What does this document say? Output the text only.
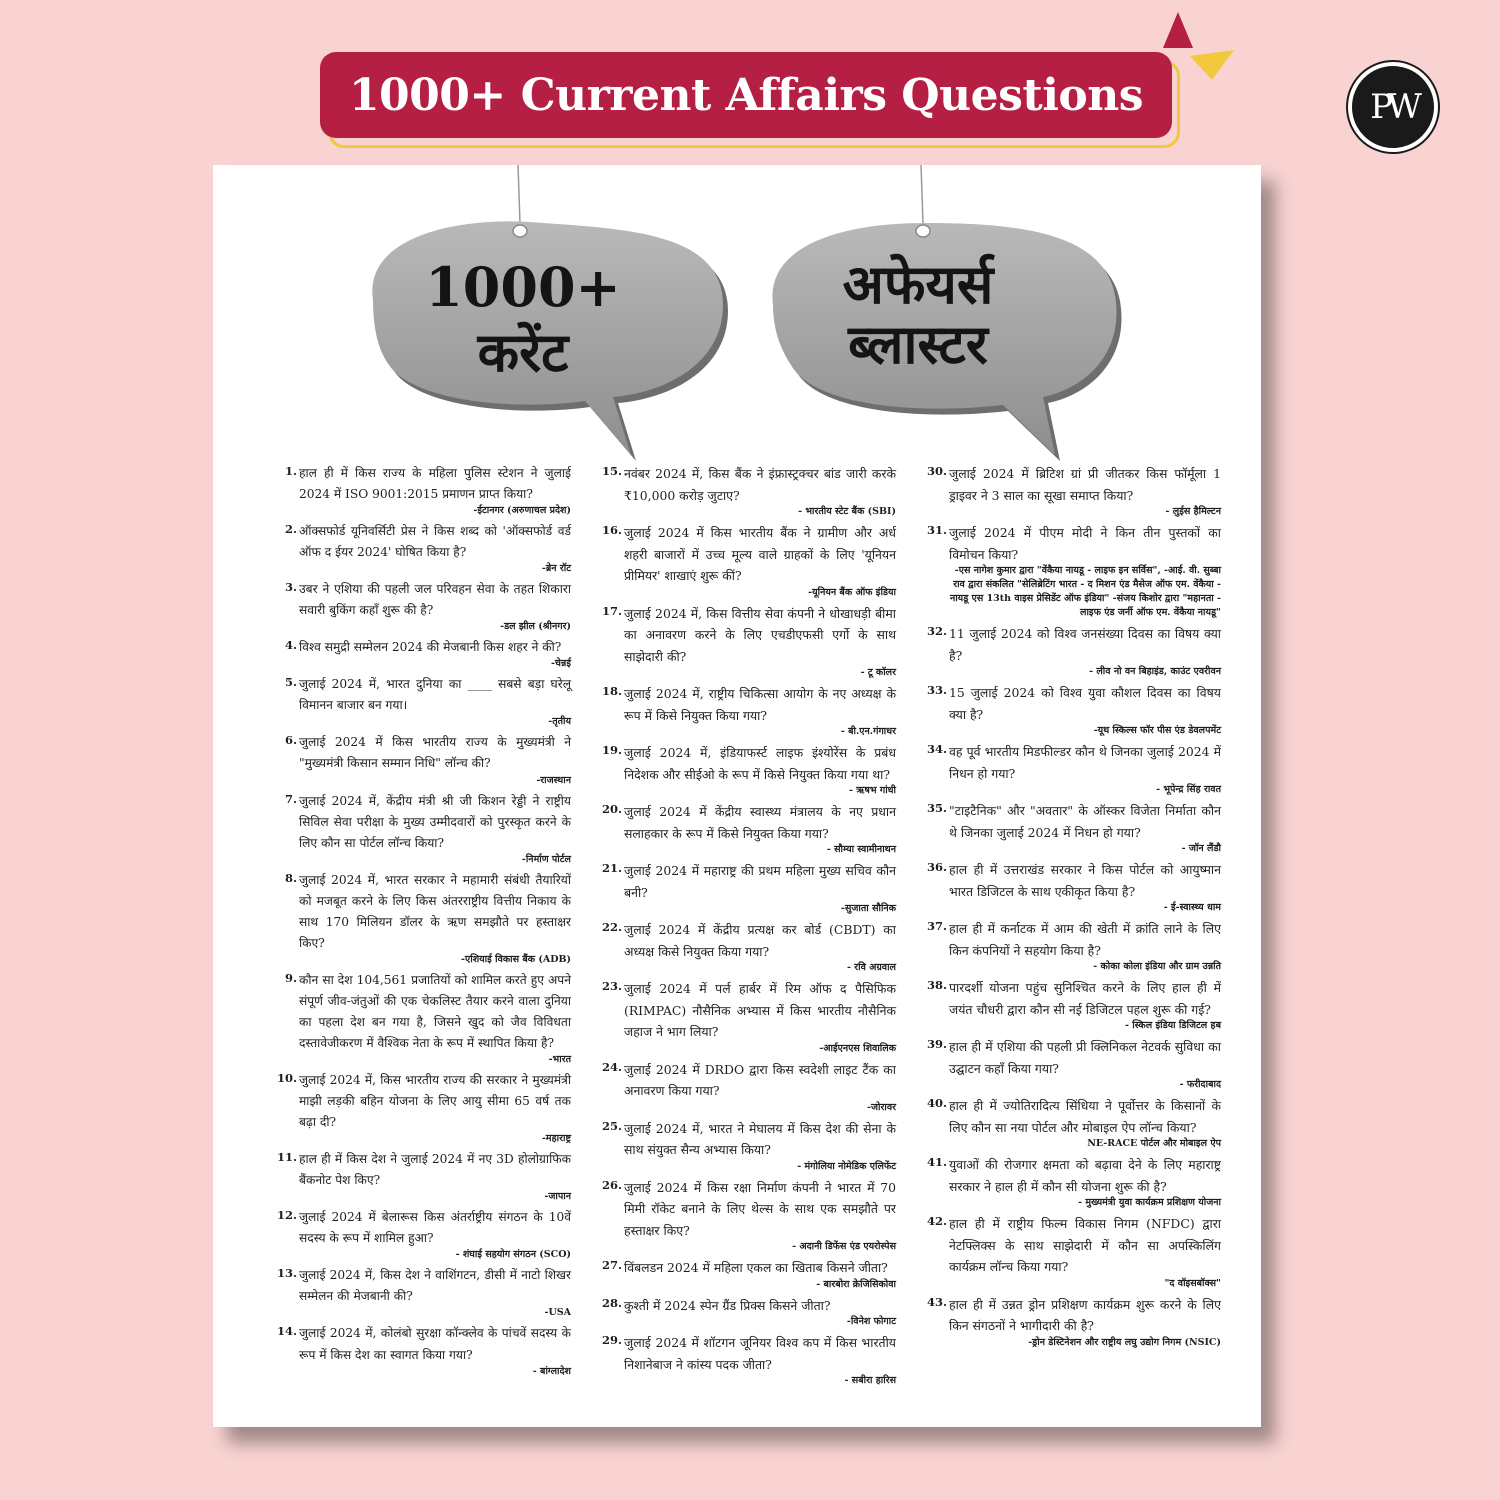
1000+ Current Affairs Questions	PW
1000+
करेंट
अफेयर्स
ब्लास्टर
1. हाल ही में किस राज्य के महिला पुलिस स्टेशन ने जुलाई 2024 में ISO 9001:2015 प्रमाणन प्राप्त किया?
-ईटानगर (अरुणाचल प्रदेश)
2. ऑक्सफोर्ड यूनिवर्सिटी प्रेस ने किस शब्द को 'ऑक्सफोर्ड वर्ड ऑफ द ईयर 2024' घोषित किया है?
-ब्रेन रॉट
3. उबर ने एशिया की पहली जल परिवहन सेवा के तहत शिकारा सवारी बुकिंग कहाँ शुरू की है?
-डल झील (श्रीनगर)
4. विश्व समुद्री सम्मेलन 2024 की मेजबानी किस शहर ने की?
-चेन्नई
5. जुलाई 2024 में, भारत दुनिया का ____ सबसे बड़ा घरेलू विमानन बाजार बन गया।
-तृतीय
6. जुलाई 2024 में किस भारतीय राज्य के मुख्यमंत्री ने "मुख्यमंत्री किसान सम्मान निधि" लॉन्च की?
-राजस्थान
7. जुलाई 2024 में, केंद्रीय मंत्री श्री जी किशन रेड्डी ने राष्ट्रीय सिविल सेवा परीक्षा के मुख्य उम्मीदवारों को पुरस्कृत करने के लिए कौन सा पोर्टल लॉन्च किया?
-निर्माण पोर्टल
8. जुलाई 2024 में, भारत सरकार ने महामारी संबंधी तैयारियों को मजबूत करने के लिए किस अंतरराष्ट्रीय वित्तीय निकाय के साथ 170 मिलियन डॉलर के ऋण समझौते पर हस्ताक्षर किए?
-एशियाई विकास बैंक (ADB)
9. कौन सा देश 104,561 प्रजातियों को शामिल करते हुए अपने संपूर्ण जीव-जंतुओं की एक चेकलिस्ट तैयार करने वाला दुनिया का पहला देश बन गया है, जिसने खुद को जैव विविधता दस्तावेजीकरण में वैश्विक नेता के रूप में स्थापित किया है?
-भारत
10. जुलाई 2024 में, किस भारतीय राज्य की सरकार ने मुख्यमंत्री माझी लड़की बहिन योजना के लिए आयु सीमा 65 वर्ष तक बढ़ा दी?
-महाराष्ट्र
11. हाल ही में किस देश ने जुलाई 2024 में नए 3D होलोग्राफिक बैंकनोट पेश किए?
-जापान
12. जुलाई 2024 में बेलारूस किस अंतर्राष्ट्रीय संगठन के 10वें सदस्य के रूप में शामिल हुआ?
- शंघाई सहयोग संगठन (SCO)
13. जुलाई 2024 में, किस देश ने वाशिंगटन, डीसी में नाटो शिखर सम्मेलन की मेजबानी की?
-USA
14. जुलाई 2024 में, कोलंबो सुरक्षा कॉन्क्लेव के पांचवें सदस्य के रूप में किस देश का स्वागत किया गया?
- बांग्लादेश
15. नवंबर 2024 में, किस बैंक ने इंफ्रास्ट्रक्चर बांड जारी करके ₹10,000 करोड़ जुटाए?
- भारतीय स्टेट बैंक (SBI)
16. जुलाई 2024 में किस भारतीय बैंक ने ग्रामीण और अर्ध शहरी बाजारों में उच्च मूल्य वाले ग्राहकों के लिए 'यूनियन प्रीमियर' शाखाएं शुरू कीं?
-यूनियन बैंक ऑफ इंडिया
17. जुलाई 2024 में, किस वित्तीय सेवा कंपनी ने धोखाधड़ी बीमा का अनावरण करने के लिए एचडीएफसी एर्गो के साथ साझेदारी की?
- टू कॉलर
18. जुलाई 2024 में, राष्ट्रीय चिकित्सा आयोग के नए अध्यक्ष के रूप में किसे नियुक्त किया गया?
- बी.एन.गंगाधर
19. जुलाई 2024 में, इंडियाफर्स्ट लाइफ इंश्योरेंस के प्रबंध निदेशक और सीईओ के रूप में किसे नियुक्त किया गया था?
- ऋषभ गांधी
20. जुलाई 2024 में केंद्रीय स्वास्थ्य मंत्रालय के नए प्रधान सलाहकार के रूप में किसे नियुक्त किया गया?
- सौम्या स्वामीनाथन
21. जुलाई 2024 में महाराष्ट्र की प्रथम महिला मुख्य सचिव कौन बनी?
-सुजाता सौनिक
22. जुलाई 2024 में केंद्रीय प्रत्यक्ष कर बोर्ड (CBDT) का अध्यक्ष किसे नियुक्त किया गया?
- रवि अग्रवाल
23. जुलाई 2024 में पर्ल हार्बर में रिम ऑफ द पैसिफिक (RIMPAC) नौसैनिक अभ्यास में किस भारतीय नौसैनिक जहाज ने भाग लिया?
-आईएनएस शिवालिक
24. जुलाई 2024 में DRDO द्वारा किस स्वदेशी लाइट टैंक का अनावरण किया गया?
-जोरावर
25. जुलाई 2024 में, भारत ने मेघालय में किस देश की सेना के साथ संयुक्त सैन्य अभ्यास किया?
- मंगोलिया नोमेडिक एलिफेंट
26. जुलाई 2024 में किस रक्षा निर्माण कंपनी ने भारत में 70 मिमी रॉकेट बनाने के लिए थेल्स के साथ एक समझौते पर हस्ताक्षर किए?
- अदानी डिफेंस एंड एयरोस्पेस
27. विंबलडन 2024 में महिला एकल का खिताब किसने जीता?
- बारबोरा क्रेजिसिकोवा
28. कुश्ती में 2024 स्पेन ग्रैंड प्रिक्स किसने जीता?
-विनेश फोगाट
29. जुलाई 2024 में शॉटगन जूनियर विश्व कप में किस भारतीय निशानेबाज ने कांस्य पदक जीता?
- सबीरा हारिस
30. जुलाई 2024 में ब्रिटिश ग्रां प्री जीतकर किस फॉर्मूला 1 ड्राइवर ने 3 साल का सूखा समाप्त किया?
- लुईस हैमिल्टन
31. जुलाई 2024 में पीएम मोदी ने किन तीन पुस्तकों का विमोचन किया?
-एस नागेश कुमार द्वारा "वेंकैया नायडू - लाइफ इन सर्विस", -आई. वी. सुब्बा राव द्वारा संकलित "सेलिब्रेटिंग भारत - द मिशन एंड मैसेज ऑफ एम. वेंकैया - नायडू एस 13th वाइस प्रेसिडेंट ऑफ इंडिया" -संजय किशोर द्वारा "महानता - लाइफ एंड जर्नी ऑफ एम. वेंकैया नायडू"
32. 11 जुलाई 2024 को विश्व जनसंख्या दिवस का विषय क्या है?
- लीव नो वन बिहाइंड, काउंट एवरीवन
33. 15 जुलाई 2024 को विश्व युवा कौशल दिवस का विषय क्या है?
-यूथ स्किल्स फॉर पीस एंड डेवलपमेंट
34. वह पूर्व भारतीय मिडफील्डर कौन थे जिनका जुलाई 2024 में निधन हो गया?
- भूपेन्द्र सिंह रावत
35. "टाइटैनिक" और "अवतार" के ऑस्कर विजेता निर्माता कौन थे जिनका जुलाई 2024 में निधन हो गया?
- जॉन लैंडौ
36. हाल ही में उत्तराखंड सरकार ने किस पोर्टल को आयुष्मान भारत डिजिटल के साथ एकीकृत किया है?
- ई-स्वास्थ्य धाम
37. हाल ही में कर्नाटक में आम की खेती में क्रांति लाने के लिए किन कंपनियों ने सहयोग किया है?
- कोका कोला इंडिया और ग्राम उन्नति
38. पारदर्शी योजना पहुंच सुनिश्चित करने के लिए हाल ही में जयंत चौधरी द्वारा कौन सी नई डिजिटल पहल शुरू की गई?
- स्किल इंडिया डिजिटल हब
39. हाल ही में एशिया की पहली प्री क्लिनिकल नेटवर्क सुविधा का उद्घाटन कहाँ किया गया?
- फरीदाबाद
40. हाल ही में ज्योतिरादित्य सिंधिया ने पूर्वोत्तर के किसानों के लिए कौन सा नया पोर्टल और मोबाइल ऐप लॉन्च किया?
NE-RACE पोर्टल और मोबाइल ऐप
41. युवाओं की रोजगार क्षमता को बढ़ावा देने के लिए महाराष्ट्र सरकार ने हाल ही में कौन सी योजना शुरू की है?
- मुख्यमंत्री युवा कार्यक्रम प्रशिक्षण योजना
42. हाल ही में राष्ट्रीय फिल्म विकास निगम (NFDC) द्वारा नेटफ्लिक्स के साथ साझेदारी में कौन सा अपस्किलिंग कार्यक्रम लॉन्च किया गया?
"द वॉइसबॉक्स"
43. हाल ही में उन्नत ड्रोन प्रशिक्षण कार्यक्रम शुरू करने के लिए किन संगठनों ने भागीदारी की है?
-ड्रोन डेस्टिनेशन और राष्ट्रीय लघु उद्योग निगम (NSIC)
